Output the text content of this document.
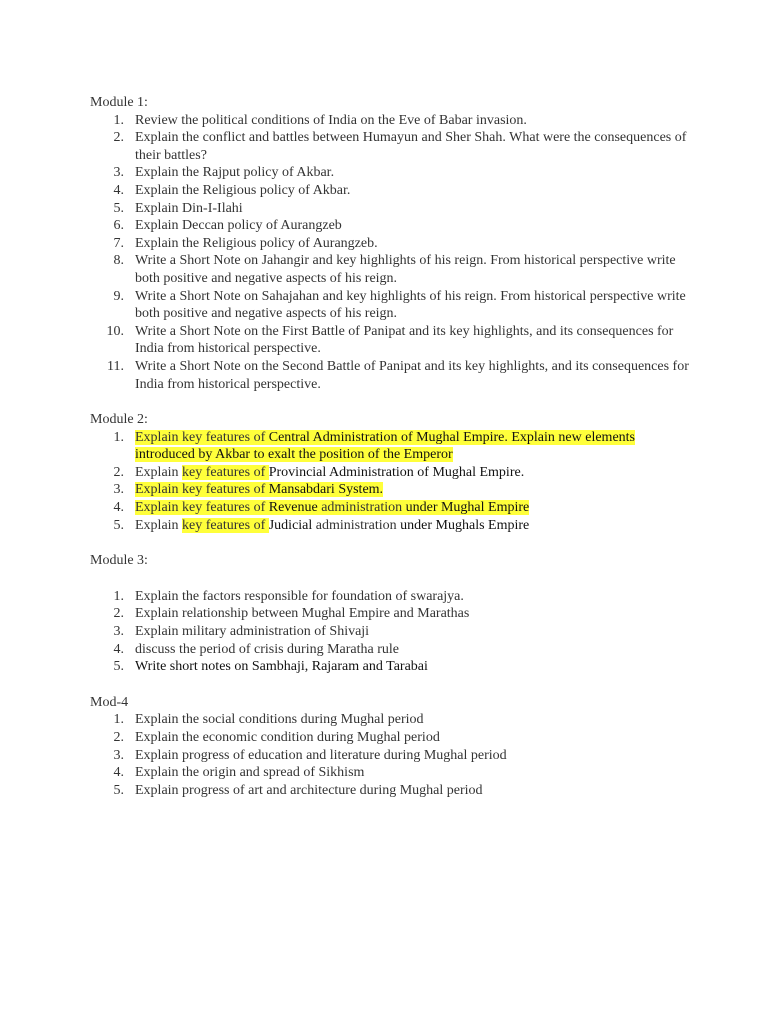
Module 1:

1. Review the political conditions of India on the Eve of Babar invasion.
2. Explain the conflict and battles between Humayun and Sher Shah. What were the consequences of their battles?
3. Explain the Rajput policy of Akbar.
4. Explain the Religious policy of Akbar.
5. Explain Din-I-Ilahi
6. Explain Deccan policy of Aurangzeb
7. Explain the Religious policy of Aurangzeb.
8. Write a Short Note on Jahangir and key highlights of his reign. From historical perspective write both positive and negative aspects of his reign.
9. Write a Short Note on Sahajahan and key highlights of his reign. From historical perspective write both positive and negative aspects of his reign.
10. Write a Short Note on the First Battle of Panipat and its key highlights, and its consequences for India from historical perspective.
11. Write a Short Note on the Second Battle of Panipat and its key highlights, and its consequences for India from historical perspective.

Module 2:

1. Explain key features of Central Administration of Mughal Empire. Explain new elements introduced by Akbar to exalt the position of the Emperor
2. Explain key features of Provincial Administration of Mughal Empire.
3. Explain key features of Mansabdari System.
4. Explain key features of Revenue administration under Mughal Empire
5. Explain key features of Judicial administration under Mughals Empire

Module 3:

1. Explain the factors responsible for foundation of swarajya.
2. Explain relationship between Mughal Empire and Marathas
3. Explain military administration of Shivaji
4. discuss the period of crisis during Maratha rule
5. Write short notes on Sambhaji, Rajaram and Tarabai

Mod-4

1. Explain the social conditions during Mughal period
2. Explain the economic condition during Mughal period
3. Explain progress of education and literature during Mughal period
4. Explain the origin and spread of Sikhism
5. Explain progress of art and architecture during Mughal period
